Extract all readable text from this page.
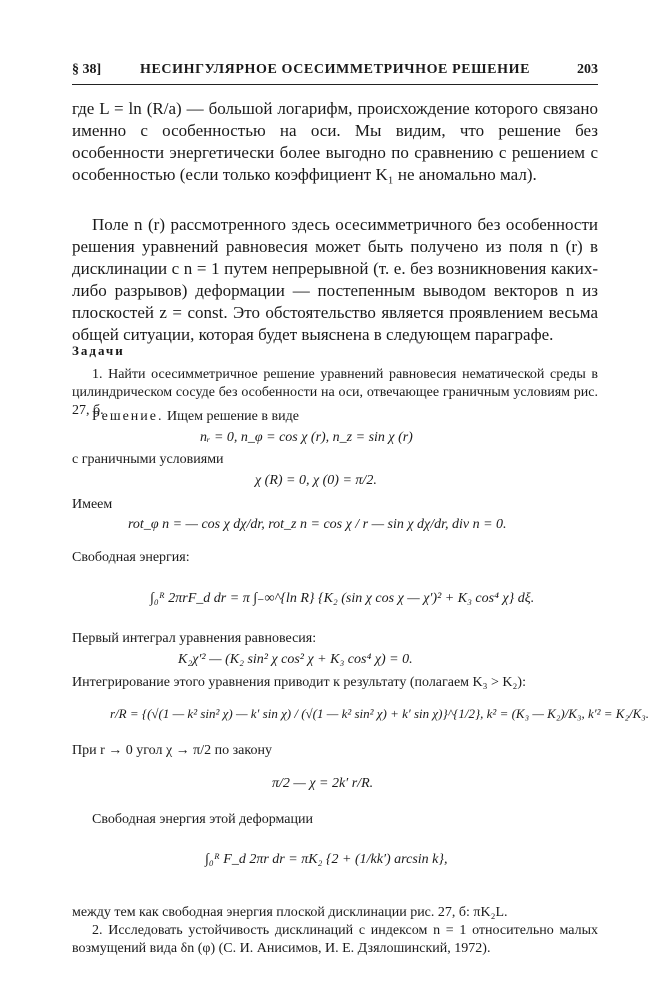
§ 38]	НЕСИНГУЛЯРНОЕ ОСЕСИММЕТРИЧНОЕ РЕШЕНИЕ	203
где L = ln (R/a) — большой логарифм, происхождение которого связано именно с особенностью на оси. Мы видим, что решение без особенности энергетически более выгодно по сравнению с решением с особенностью (если только коэффициент K₁ не аномально мал).
Поле n (r) рассмотренного здесь осесимметричного без особенности решения уравнений равновесия может быть получено из поля n (r) в дисклинации с n = 1 путем непрерывной (т. е. без возникновения каких-либо разрывов) деформации — постепенным выводом векторов n из плоскостей z = const. Это обстоятельство является проявлением весьма общей ситуации, которая будет выяснена в следующем параграфе.
Задачи
1. Найти осесимметричное решение уравнений равновесия нематической среды в цилиндрическом сосуде без особенности на оси, отвечающее граничным условиям рис. 27, б.
Решение. Ищем решение в виде
nᵣ = 0, n_φ = cos χ (r), n_z = sin χ (r)
с граничными условиями
χ (R) = 0, χ (0) = π/2.
Имеем
rot_φ n = — cos χ dχ/dr, rot_z n = cos χ / r — sin χ dχ/dr, div n = 0.
Свободная энергия:
∫₀ᴿ 2πrF_d dr = π ∫₋∞^{ln R} {K₂ (sin χ cos χ — χ′)² + K₃ cos⁴ χ} dξ.
Первый интеграл уравнения равновесия:
K₂χ′² — (K₂ sin² χ cos² χ + K₃ cos⁴ χ) = 0.
Интегрирование этого уравнения приводит к результату (полагаем K₃ > K₂):
r/R = {(√(1 — k² sin² χ) — k′ sin χ) / (√(1 — k² sin² χ) + k′ sin χ)}^{1/2}, k² = (K₃ — K₂)/K₃, k′² = K₂/K₃.
При r → 0 угол χ → π/2 по закону
π/2 — χ = 2k′ r/R.
Свободная энергия этой деформации
∫₀ᴿ F_d 2πr dr = πK₂ {2 + (1/kk′) arcsin k},
между тем как свободная энергия плоской дисклинации рис. 27, б: πK₂L.
2. Исследовать устойчивость дисклинаций с индексом n = 1 относительно малых возмущений вида δn (φ) (С. И. Анисимов, И. Е. Дзялошинский, 1972).
